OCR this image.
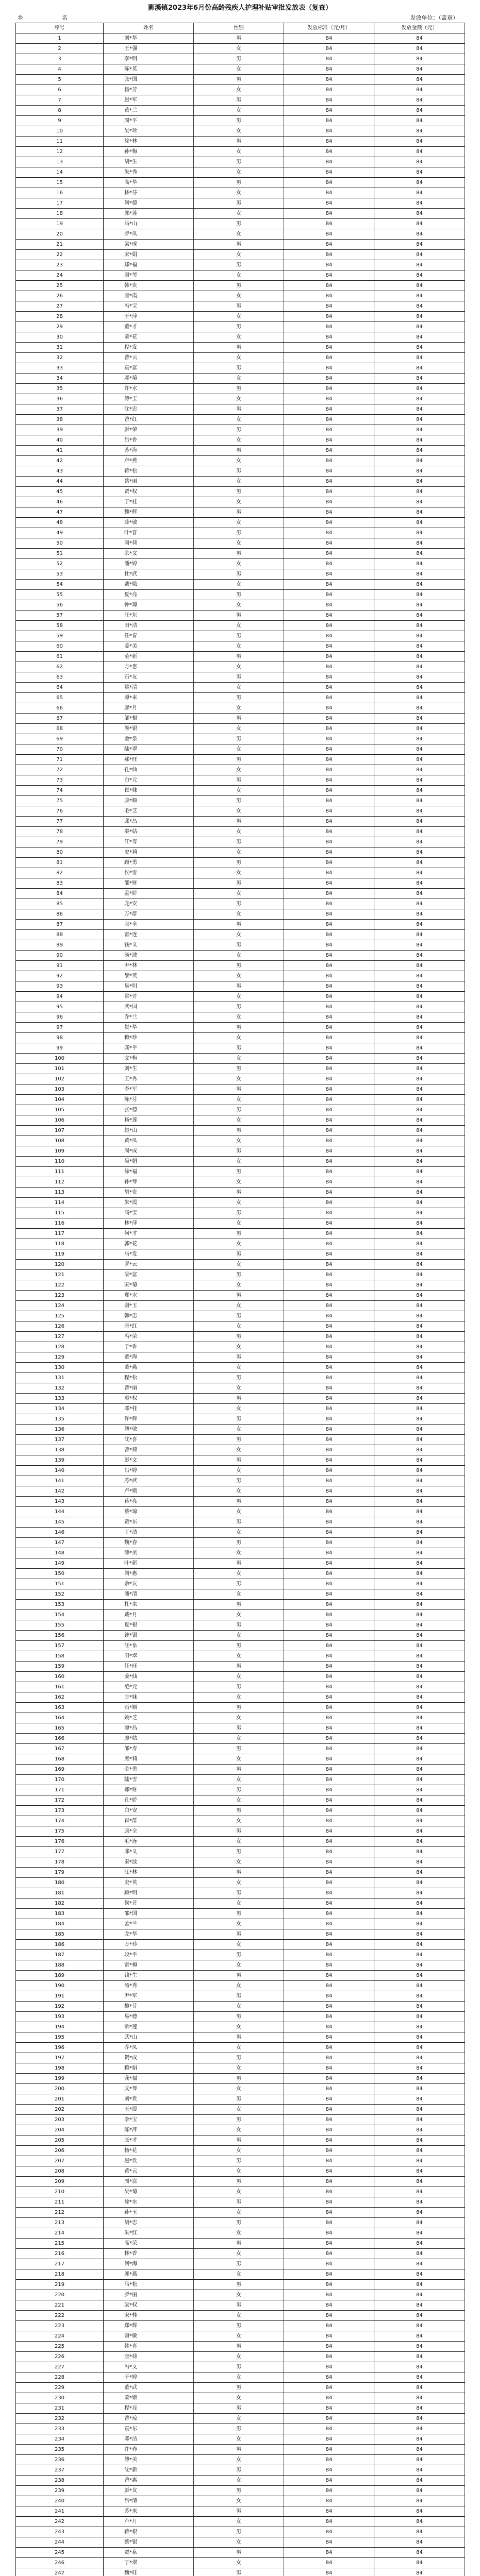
狮溪镇2023年6月份高龄残疾人护理补贴审批发放表（复查）
乡	名	发放单位：（盖章）
序号	姓名	性别	发放标准（元/月）	发放金额（元）
1	刘*华	男	84	84
2	王*强	女	84	84
3	李*明	男	84	84
4	陈*英	女	84	84
5	张*国	男	84	84
6	杨*芳	女	84	84
7	赵*军	男	84	84
8	黄*兰	女	84	84
9	周*平	男	84	84
10	吴*珍	女	84	84
11	徐*林	男	84	84
12	孙*梅	女	84	84
13	胡*生	男	84	84
14	朱*秀	女	84	84
15	高*华	男	84	84
16	林*芬	女	84	84
17	何*德	男	84	84
18	郭*莲	女	84	84
19	马*山	男	84	84
20	罗*凤	女	84	84
21	梁*成	男	84	84
22	宋*娟	女	84	84
23	郑*福	男	84	84
24	谢*琴	女	84	84
25	韩*贵	男	84	84
26	唐*霞	女	84	84
27	冯*宝	男	84	84
28	于*萍	女	84	84
29	董*才	男	84	84
30	萧*花	女	84	84
31	程*发	男	84	84
32	曹*云	女	84	84
33	袁*富	男	84	84
34	邓*菊	女	84	84
35	许*水	男	84	84
36	傅*玉	女	84	84
37	沈*忠	男	84	84
38	曾*红	女	84	84
39	彭*荣	男	84	84
40	吕*香	女	84	84
41	苏*海	男	84	84
42	卢*燕	女	84	84
43	蒋*松	男	84	84
44	蔡*丽	女	84	84
45	贾*权	男	84	84
46	丁*桂	女	84	84
47	魏*辉	男	84	84
48	薛*敏	女	84	84
49	叶*喜	男	84	84
50	阎*荷	女	84	84
51	余*文	男	84	84
52	潘*婷	女	84	84
53	杜*武	男	84	84
54	戴*娥	女	84	84
55	夏*亮	男	84	84
56	钟*琼	女	84	84
57	汪*东	男	84	84
58	田*洁	女	84	84
59	任*春	男	84	84
60	姜*美	女	84	84
61	范*新	男	84	84
62	方*惠	女	84	84
63	石*友	男	84	84
64	姚*清	女	84	84
65	谭*来	男	84	84
66	廖*月	女	84	84
67	邹*根	男	84	84
68	熊*银	女	84	84
69	金*泉	男	84	84
70	陆*翠	女	84	84
71	郝*旺	男	84	84
72	孔*仙	女	84	84
73	白*元	男	84	84
74	崔*妹	女	84	84
75	康*顺	男	84	84
76	毛*芝	女	84	84
77	邱*昌	男	84	84
78	秦*姑	女	84	84
79	江*寿	男	84	84
80	史*莉	女	84	84
81	顾*勇	男	84	84
82	侯*雪	女	84	84
83	邵*财	男	84	84
84	孟*娇	女	84	84
85	龙*安	男	84	84
86	万*群	女	84	84
87	段*全	男	84	84
88	雷*连	女	84	84
89	钱*义	男	84	84
90	汤*波	女	84	84
91	尹*林	男	84	84
92	黎*英	女	84	84
93	易*明	男	84	84
94	常*芳	女	84	84
95	武*国	男	84	84
96	乔*兰	女	84	84
97	贺*华	男	84	84
98	赖*珍	女	84	84
99	龚*平	男	84	84
100	文*梅	女	84	84
101	刘*生	男	84	84
102	王*秀	女	84	84
103	李*军	男	84	84
104	陈*芬	女	84	84
105	张*德	男	84	84
106	杨*莲	女	84	84
107	赵*山	男	84	84
108	黄*凤	女	84	84
109	周*成	男	84	84
110	吴*娟	女	84	84
111	徐*福	男	84	84
112	孙*琴	女	84	84
113	胡*贵	男	84	84
114	朱*霞	女	84	84
115	高*宝	男	84	84
116	林*萍	女	84	84
117	何*才	男	84	84
118	郭*花	女	84	84
119	马*发	男	84	84
120	罗*云	女	84	84
121	梁*富	男	84	84
122	宋*菊	女	84	84
123	郑*水	男	84	84
124	谢*玉	女	84	84
125	韩*忠	男	84	84
126	唐*红	女	84	84
127	冯*荣	男	84	84
128	于*香	女	84	84
129	董*海	男	84	84
130	萧*燕	女	84	84
131	程*松	男	84	84
132	曹*丽	女	84	84
133	袁*权	男	84	84
134	邓*桂	女	84	84
135	许*辉	男	84	84
136	傅*敏	女	84	84
137	沈*喜	男	84	84
138	曾*荷	女	84	84
139	彭*文	男	84	84
140	吕*婷	女	84	84
141	苏*武	男	84	84
142	卢*娥	女	84	84
143	蒋*亮	男	84	84
144	蔡*琼	女	84	84
145	贾*东	男	84	84
146	丁*洁	女	84	84
147	魏*春	男	84	84
148	薛*美	女	84	84
149	叶*新	男	84	84
150	阎*惠	女	84	84
151	余*友	男	84	84
152	潘*清	女	84	84
153	杜*来	男	84	84
154	戴*月	女	84	84
155	夏*根	男	84	84
156	钟*银	女	84	84
157	汪*泉	男	84	84
158	田*翠	女	84	84
159	任*旺	男	84	84
160	姜*仙	女	84	84
161	范*元	男	84	84
162	方*妹	女	84	84
163	石*顺	男	84	84
164	姚*芝	女	84	84
165	谭*昌	男	84	84
166	廖*姑	女	84	84
167	邹*寿	男	84	84
168	熊*莉	女	84	84
169	金*勇	男	84	84
170	陆*雪	女	84	84
171	郝*财	男	84	84
172	孔*娇	女	84	84
173	白*安	男	84	84
174	崔*群	女	84	84
175	康*全	男	84	84
176	毛*连	女	84	84
177	邱*义	男	84	84
178	秦*波	女	84	84
179	江*林	男	84	84
180	史*英	女	84	84
181	顾*明	男	84	84
182	侯*芳	女	84	84
183	邵*国	男	84	84
184	孟*兰	女	84	84
185	龙*华	男	84	84
186	万*珍	女	84	84
187	段*平	男	84	84
188	雷*梅	女	84	84
189	钱*生	男	84	84
190	汤*秀	女	84	84
191	尹*军	男	84	84
192	黎*芬	女	84	84
193	易*德	男	84	84
194	常*莲	女	84	84
195	武*山	男	84	84
196	乔*凤	女	84	84
197	贺*成	男	84	84
198	赖*娟	女	84	84
199	龚*福	男	84	84
200	文*琴	女	84	84
201	刘*贵	男	84	84
202	王*霞	女	84	84
203	李*宝	男	84	84
204	陈*萍	女	84	84
205	张*才	男	84	84
206	杨*花	女	84	84
207	赵*发	男	84	84
208	黄*云	女	84	84
209	周*富	男	84	84
210	吴*菊	女	84	84
211	徐*水	男	84	84
212	孙*玉	女	84	84
213	胡*忠	男	84	84
214	朱*红	女	84	84
215	高*荣	男	84	84
216	林*香	女	84	84
217	何*海	男	84	84
218	郭*燕	女	84	84
219	马*松	男	84	84
220	罗*丽	女	84	84
221	梁*权	男	84	84
222	宋*桂	女	84	84
223	郑*辉	男	84	84
224	谢*敏	女	84	84
225	韩*喜	男	84	84
226	唐*荷	女	84	84
227	冯*文	男	84	84
228	于*婷	女	84	84
229	董*武	男	84	84
230	萧*娥	女	84	84
231	程*亮	男	84	84
232	曹*琼	女	84	84
233	袁*东	男	84	84
234	邓*洁	女	84	84
235	许*春	男	84	84
236	傅*美	女	84	84
237	沈*新	男	84	84
238	曾*惠	女	84	84
239	彭*友	男	84	84
240	吕*清	女	84	84
241	苏*来	男	84	84
242	卢*月	女	84	84
243	蒋*根	男	84	84
244	蔡*银	女	84	84
245	贾*泉	男	84	84
246	丁*翠	女	84	84
247	魏*旺	男	84	84
